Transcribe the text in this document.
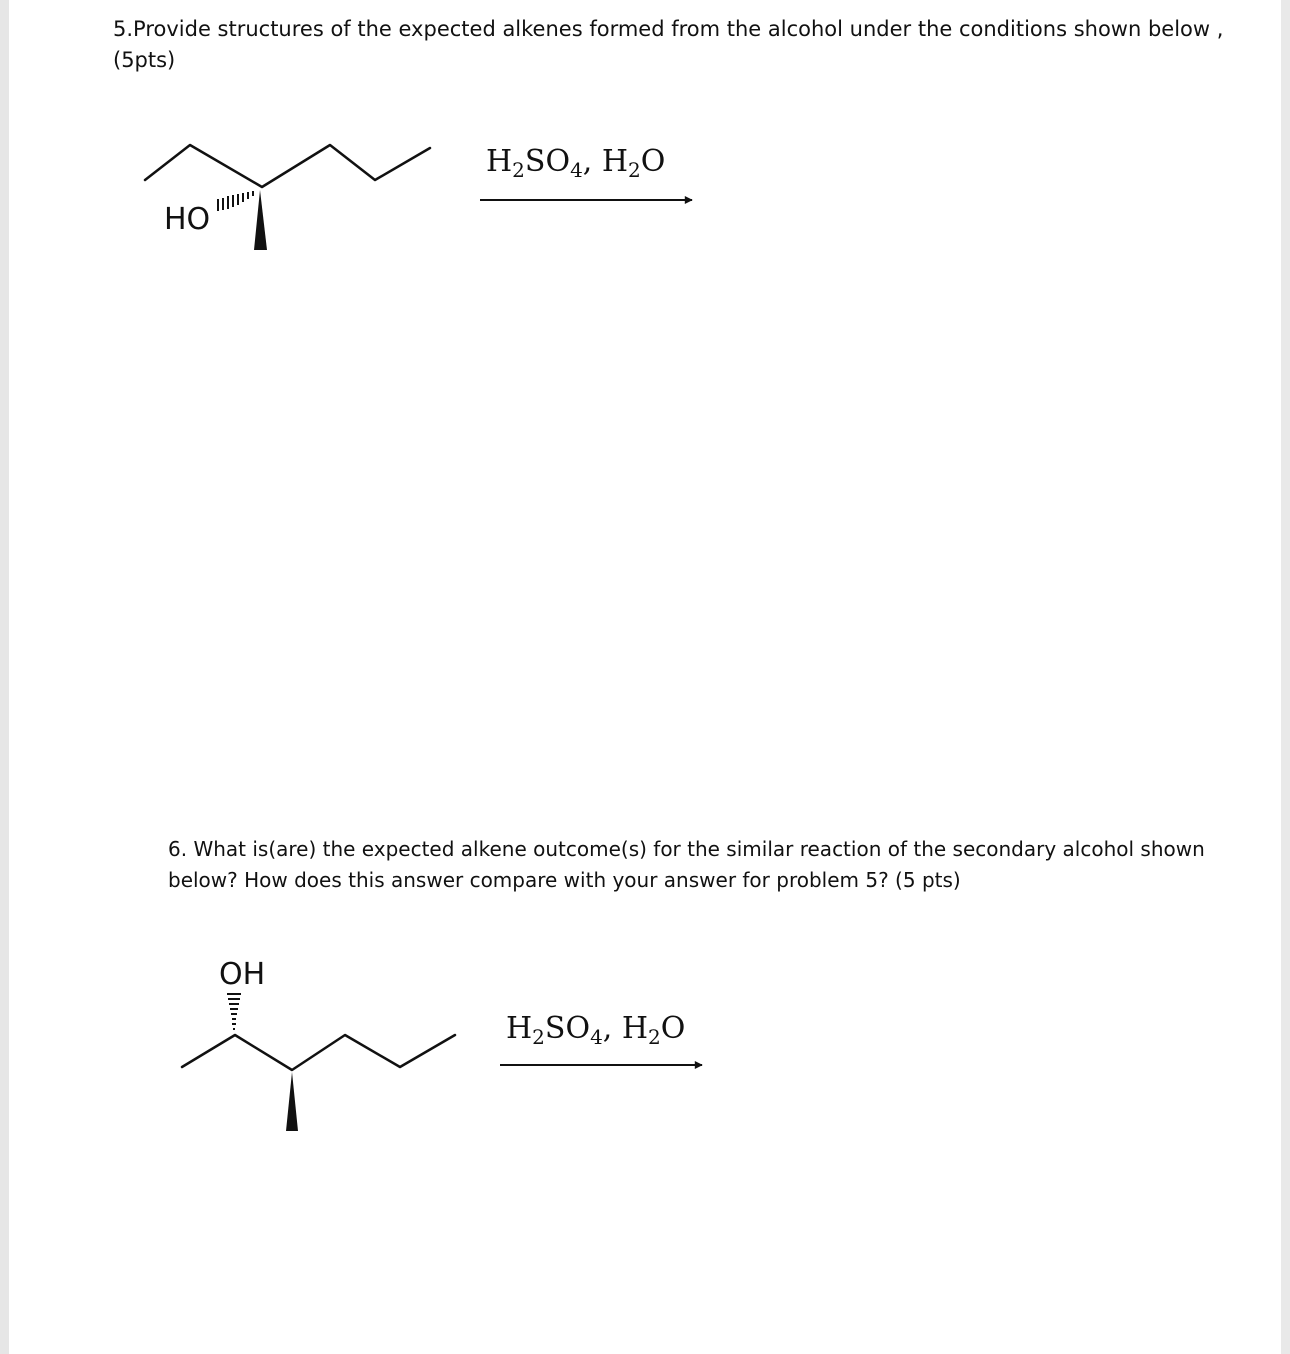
5.Provide structures of the expected alkenes formed from the alcohol under the conditions shown below ,
(5pts)
$H_2SO_4$, $H_2O$
6. What is(are) the expected alkene outcome(s) for the similar reaction of the secondary alcohol shown
below? How does this answer compare with your answer for problem 5? (5 pts)
$H_2SO_4$, $H_2O$
HO
OH
